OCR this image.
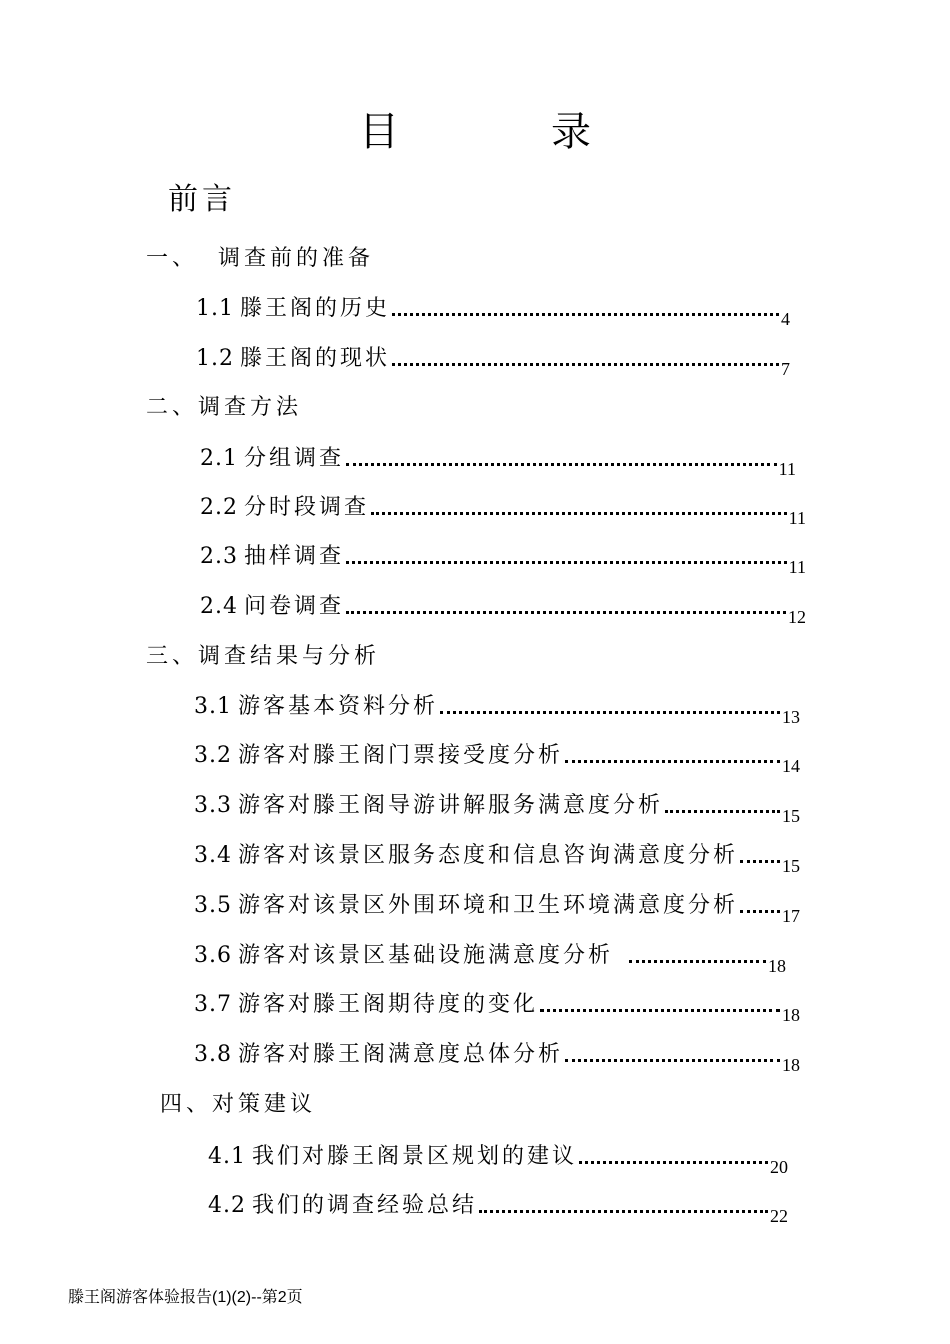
目　录
前言
一、 调查前的准备
1.1 滕王阁的历史	4
1.2 滕王阁的现状	7
二、调查方法
2.1 分组调查	11
2.2 分时段调查	11
2.3 抽样调查	11
2.4 问卷调查	12
三、调查结果与分析
3.1 游客基本资料分析	13
3.2 游客对滕王阁门票接受度分析	14
3.3 游客对滕王阁导游讲解服务满意度分析	15
3.4 游客对该景区服务态度和信息咨询满意度分析 15
3.5 游客对该景区外围环境和卫生环境满意度分析 17
3.6 游客对该景区基础设施满意度分析	18
3.7 游客对滕王阁期待度的变化	18
3.8 游客对滕王阁满意度总体分析	18
四、对策建议
4.1 我们对滕王阁景区规划的建议	20
4.2 我们的调查经验总结	22
滕王阁游客体验报告(1)(2)--第2页
